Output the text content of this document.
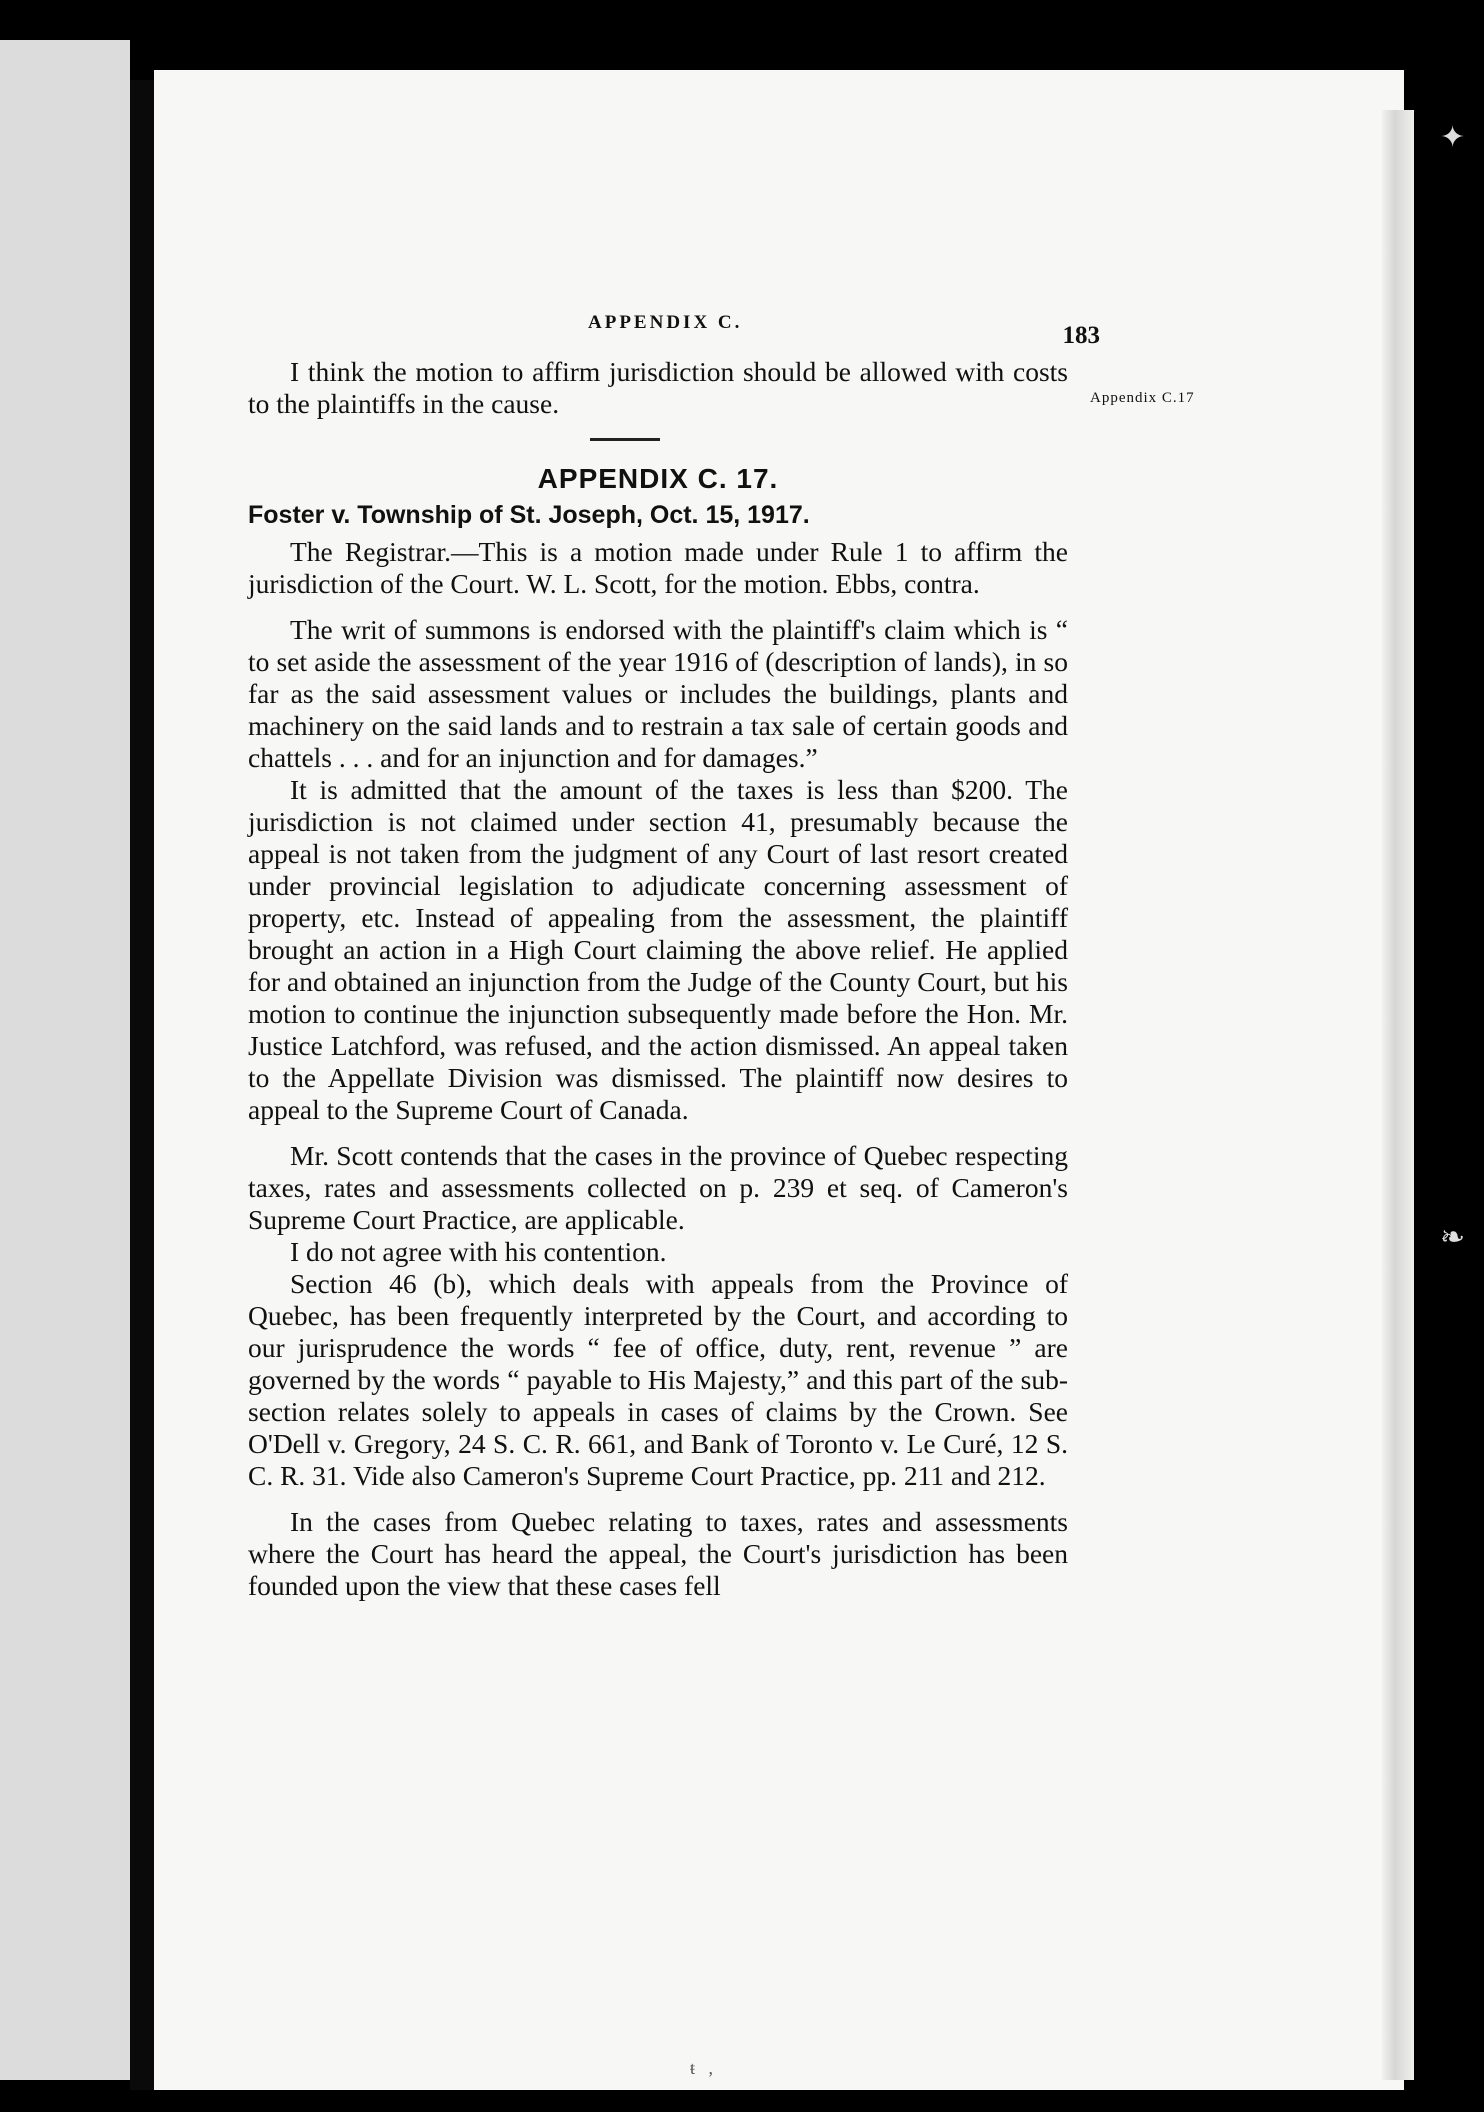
✦
❧
APPENDIX C.	183
Appendix C.17

I think the motion to affirm jurisdiction should be allowed with costs to the plaintiffs in the cause.

APPENDIX C. 17.
Foster v. Township of St. Joseph, Oct. 15, 1917.

The Registrar.—This is a motion made under Rule 1 to affirm the jurisdiction of the Court. W. L. Scott, for the motion. Ebbs, contra.

The writ of summons is endorsed with the plaintiff's claim which is “ to set aside the assessment of the year 1916 of (description of lands), in so far as the said assessment values or includes the buildings, plants and machinery on the said lands and to restrain a tax sale of certain goods and chattels . . . and for an injunction and for damages.”

It is admitted that the amount of the taxes is less than $200. The jurisdiction is not claimed under section 41, presumably because the appeal is not taken from the judgment of any Court of last resort created under provincial legislation to adjudicate concerning assessment of property, etc. Instead of appealing from the assessment, the plaintiff brought an action in a High Court claiming the above relief. He applied for and obtained an injunction from the Judge of the County Court, but his motion to continue the injunction subsequently made before the Hon. Mr. Justice Latchford, was refused, and the action dismissed. An appeal taken to the Appellate Division was dismissed. The plaintiff now desires to appeal to the Supreme Court of Canada.

Mr. Scott contends that the cases in the province of Quebec respecting taxes, rates and assessments collected on p. 239 et seq. of Cameron's Supreme Court Practice, are applicable.

I do not agree with his contention.

Section 46 (b), which deals with appeals from the Province of Quebec, has been frequently interpreted by the Court, and according to our jurisprudence the words “ fee of office, duty, rent, revenue ” are governed by the words “ payable to His Majesty,” and this part of the sub-section relates solely to appeals in cases of claims by the Crown. See O'Dell v. Gregory, 24 S. C. R. 661, and Bank of Toronto v. Le Curé, 12 S. C. R. 31. Vide also Cameron's Supreme Court Practice, pp. 211 and 212.

In the cases from Quebec relating to taxes, rates and assessments where the Court has heard the appeal, the Court's jurisdiction has been founded upon the view that these cases fell

ŧ   ,
